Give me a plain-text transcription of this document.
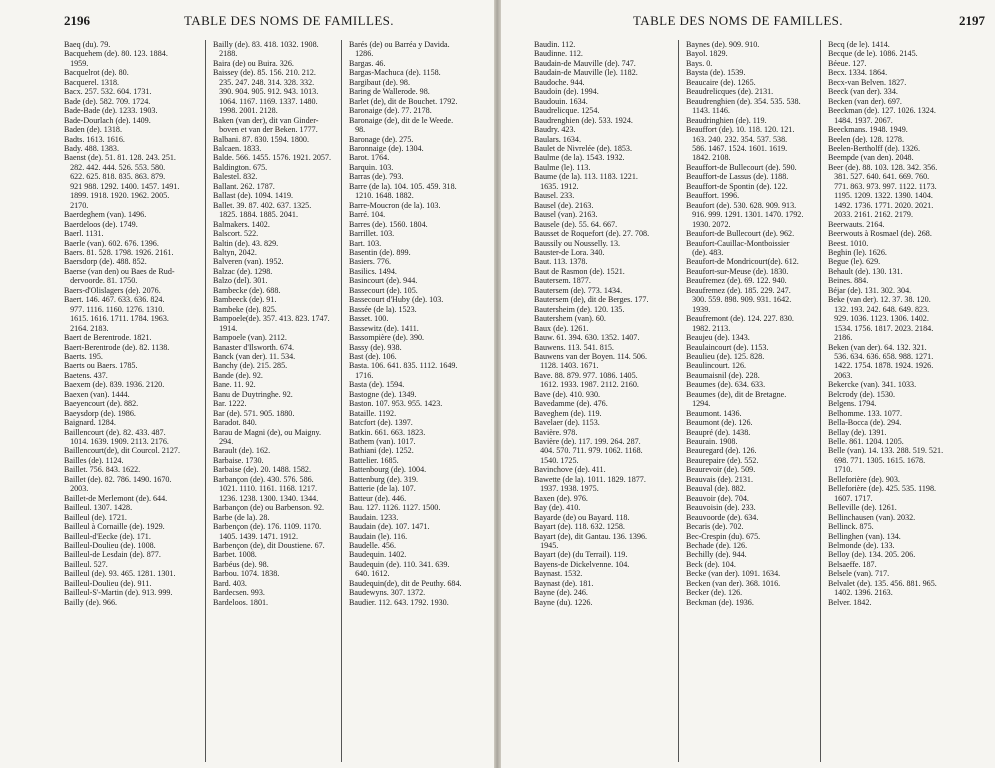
2196	TABLE DES NOMS DE FAMILLES.
Baeq (du). 79.
Bacquehem (de). 80. 123. 1884.
1959.
Bacquelrot (de). 80.
Bacquerel. 1318.
Bacx. 257. 532. 604. 1731.
Bade (de). 582. 709. 1724.
Bade-Bade (de). 1233. 1903.
Bade-Dourlach (de). 1409.
Baden (de). 1318.
Badts. 1613. 1616.
Bady. 488. 1383.
Baenst (de). 51. 81. 128. 243. 251.
282. 442. 444. 526. 553. 580.
622. 625. 818. 835. 863. 879.
921 988. 1292. 1400. 1457. 1491.
1899. 1918. 1920. 1962. 2005.
2170.
Baerdeghem (van). 1496.
Baerdeloos (de). 1749.
Baerl. 1131.
Baerle (van). 602. 676. 1396.
Baers. 81. 528. 1798. 1926. 2161.
Baersdorp (de). 488. 852.
Baerse (van den) ou Baes de Rud-
dervoorde. 81. 1750.
Baers-d'Olislagers (de). 2076.
Baert. 146. 467. 633. 636. 824.
977. 1116. 1160. 1276. 1310.
1615. 1616. 1711. 1784. 1963.
2164. 2183.
Baert de Berentrode. 1821.
Baert-Berentrode (de). 82. 1138.
Baerts. 195.
Baerts ou Baers. 1785.
Baetens. 437.
Baexem (de). 839. 1936. 2120.
Baexen (van). 1444.
Baeyencourt (de). 882.
Baeysdorp (de). 1986.
Baignard. 1284.
Baillencourt (de). 82. 433. 487.
1014. 1639. 1909. 2113. 2176.
Baillencourt(de), dit Courcol. 2127.
Bailles (de). 1124.
Baillet. 756. 843. 1622.
Baillet (de). 82. 786. 1490. 1670.
2003.
Baillet-de Merlemont (de). 644.
Bailleul. 1307. 1428.
Bailleul (de). 1721.
Bailleul à Cornaille (de). 1929.
Bailleul-d'Eecke (de). 171.
Bailleul-Doulieu (de). 1008.
Bailleul-de Lesdain (de). 877.
Bailleul. 527.
Bailleul (de). 93. 465. 1281. 1301.
Bailleul-Doulieu (de). 911.
Bailleul-S'-Martin (de). 913. 999.
Bailly (de). 966.
Bailly (de). 83. 418. 1032. 1908.
2188.
Baira (de) ou Buira. 326.
Baissey (de). 85. 156. 210. 212.
235. 247. 248. 314. 328. 332.
390. 904. 905. 912. 943. 1013.
1064. 1167. 1169. 1337. 1480.
1998. 2001. 2128.
Baken (van der), dit van Ginder-
boven et van der Beken. 1777.
Balbani. 87. 830. 1594. 1800.
Balcaen. 1833.
Balde. 566. 1455. 1576. 1921. 2057.
Baldington. 675.
Balestel. 832.
Ballant. 262. 1787.
Ballast (de). 1094. 1419.
Ballet. 39. 87. 402. 637. 1325.
1825. 1884. 1885. 2041.
Balmakers. 1402.
Balscort. 522.
Baltin (de). 43. 829.
Baltyn, 2042.
Balveren (van). 1952.
Balzac (de). 1298.
Balzo (del). 301.
Bambecke (de). 688.
Bambeeck (de). 91.
Bambeke (de). 825.
Bampoele(de). 357. 413. 823. 1747.
1914.
Bampoele (van). 2112.
Banaster d'Ilsworth. 674.
Banck (van der). 11. 534.
Banchy (de). 215. 285.
Bande (de). 92.
Bane. 11. 92.
Banu de Duytringhe. 92.
Bar. 1222.
Bar (de). 571. 905. 1880.
Baradot. 840.
Barau de Magni (de), ou Maigny.
294.
Barault (de). 162.
Barbaise. 1730.
Barbaise (de). 20. 1488. 1582.
Barbançon (de). 430. 576. 586.
1021. 1110. 1161. 1168. 1217.
1236. 1238. 1300. 1340. 1344.
Barbançon (de) ou Barbenson. 92.
Barbe (de la). 28.
Barbençon (de). 176. 1109. 1170.
1405. 1439. 1471. 1912.
Barbençon (de), dit Doustiene. 67.
Barbet. 1008.
Barbéus (de). 98.
Barbou. 1074. 1838.
Bard. 403.
Bardecsen. 993.
Bardeloos. 1801.
Barés (de) ou Barréa y Davida.
1286.
Bargas. 46.
Bargas-Machuca (de). 1158.
Bargibaut (de). 98.
Baring de Wallerode. 98.
Barlet (de), dit de Bouchet. 1792.
Baronaige (de). 77. 2178.
Baronaige (de), dit de le Weede.
98.
Baronage (de). 275.
Baronnaige (de). 1304.
Barot. 1764.
Barquin. 103.
Barras (de). 793.
Barre (de la). 104. 105. 459. 318.
1210. 1648. 1882.
Barre-Moucron (de la). 103.
Barré. 104.
Barres (de). 1560. 1804.
Barrillet. 103.
Bart. 103.
Basentin (de). 899.
Basiers. 776.
Basilics. 1494.
Basincourt (de). 944.
Bassecourt (de). 105.
Bassecourt d'Huby (de). 103.
Bassée (de la). 1523.
Basset. 100.
Bassewitz (de). 1411.
Bassompière (de). 390.
Bassy (de). 938.
Bast (de). 106.
Basta. 106. 641. 835. 1112. 1649.
1716.
Basta (de). 1594.
Bastogne (de). 1349.
Baston. 107. 953. 955. 1423.
Bataille. 1192.
Batcfort (de). 1397.
Batkin. 661. 663. 1823.
Bathem (van). 1017.
Bathiani (de). 1252.
Battelier. 1685.
Battenbourg (de). 1004.
Battenburg (de). 319.
Batterie (de la). 107.
Batteur (de). 446.
Bau. 127. 1126. 1127. 1500.
Baudain. 1233.
Baudain (de). 107. 1471.
Baudain (le). 116.
Baudelle. 456.
Baudequin. 1402.
Baudequin (de). 110. 341. 639.
640. 1612.
Baudequin(de), dit de Peuthy. 684.
Baudewyns. 307. 1372.
Baudier. 112. 643. 1792. 1930.
TABLE DES NOMS DE FAMILLES.	2197
Baudin. 112.
Baudinne. 112.
Baudain-de Mauville (de). 747.
Baudain-de Mauville (le). 1182.
Baudoche. 944.
Baudoin (de). 1994.
Baudouin. 1634.
Baudrelicque. 1254.
Baudrenghien (de). 533. 1924.
Baudry. 423.
Baulars. 1634.
Baulet de Nivrelée (de). 1853.
Baulme (de la). 1543. 1932.
Baulme (le). 113.
Baume (de la). 113. 1183. 1221.
1635. 1912.
Bausel. 233.
Bausel (de). 2163.
Bausel (van). 2163.
Bausele (de). 55. 64. 667.
Bausset de Roquefort (de). 27. 708.
Baussily ou Nousselly. 13.
Bauster-de Lora. 340.
Baut. 113. 1378.
Baut de Rasmon (de). 1521.
Bautersem. 1877.
Bautersem (de). 773. 1434.
Bautersem (de), dit de Berges. 177.
Bautersheim (de). 120. 135.
Bautershem (van). 60.
Baux (de). 1261.
Bauw. 61. 394. 630. 1352. 1407.
Bauwens. 113. 541. 815.
Bauwens van der Boyen. 114. 506.
1128. 1403. 1671.
Bave. 88. 879. 977. 1086. 1405.
1612. 1933. 1987. 2112. 2160.
Bave (de). 410. 930.
Bavedamme (de). 476.
Baveghem (de). 119.
Bavelaer (de). 1153.
Bavière. 978.
Bavière (de). 117. 199. 264. 287.
404. 570. 711. 979. 1062. 1168.
1540. 1725.
Bavinchove (de). 411.
Bawette (de la). 1011. 1829. 1877.
1937. 1938. 1975.
Baxen (de). 976.
Bay (de). 410.
Bayarde (de) ou Bayard. 118.
Bayart (de). 118. 632. 1258.
Bayart (de), dit Gantau. 136. 1396.
1945.
Bayart (de) (du Terrail). 119.
Bayens-de Dickelvenne. 104.
Baynast. 1532.
Baynast (de). 181.
Bayne (de). 246.
Bayne (du). 1226.
Baynes (de). 909. 910.
Bayol. 1829.
Bays. 0.
Baysta (de). 1539.
Beaucaire (de). 1265.
Beaudrelicques (de). 2131.
Beaudrenghien (de). 354. 535. 538.
1143. 1146.
Beaudringhien (de). 119.
Beauffort (de). 10. 118. 120. 121.
163. 240. 232. 354. 537. 538.
586. 1467. 1524. 1601. 1619.
1842. 2108.
Beauffort-de Bullecourt (de). 590.
Beauffort-de Lassus (de). 1188.
Beauffort-de Spontin (de). 122.
Beauffort. 1996.
Beaufort (de). 530. 628. 909. 913.
916. 999. 1291. 1301. 1470. 1792.
1930. 2072.
Beaufort-de Bullecourt (de). 962.
Beaufort-Cauillac-Montboissier
(de). 483.
Beaufort-de Mondricourt(de). 612.
Beaufort-sur-Meuse (de). 1830.
Beaufremez (de). 69. 122. 940.
Beaufremez (de). 185. 229. 247.
300. 559. 898. 909. 931. 1642.
1939.
Beaufremont (de). 124. 227. 830.
1982. 2113.
Beaujeu (de). 1343.
Beaulaincourt (de). 1153.
Beaulieu (de). 125. 828.
Beaulincourt. 126.
Beaumaisnil (de). 228.
Beaumes (de). 634. 633.
Beaumes (de), dit de Bretagne.
1294.
Beaumont. 1436.
Beaumont (de). 126.
Beaupré (de). 1438.
Beaurain. 1908.
Beauregard (de). 126.
Beaurepaire (de). 552.
Beaurevoir (de). 509.
Beauvais (de). 2131.
Beauval (de). 882.
Beauvoir (de). 704.
Beauvoisin (de). 233.
Beauvoorde (de). 634.
Becaris (de). 702.
Bec-Crespin (du). 675.
Bechade (de). 126.
Bechilly (de). 944.
Beck (de). 104.
Becke (van der). 1091. 1634.
Becken (van der). 368. 1016.
Becker (de). 126.
Beckman (de). 1936.
Becq (de le). 1414.
Becque (de le). 1086. 2145.
Béeue. 127.
Becx. 1334. 1864.
Becx-van Belven. 1827.
Beeck (van der). 334.
Becken (van der). 697.
Beeckman (de). 127. 1026. 1324.
1484. 1937. 2067.
Beeckmans. 1948. 1949.
Beelen (de). 128. 1278.
Beelen-Bertholff (de). 1326.
Beempde (van den). 2048.
Beer (de). 88. 103. 128. 342. 356.
381. 527. 640. 641. 669. 760.
771. 863. 973. 997. 1122. 1173.
1195. 1209. 1322. 1390. 1404.
1492. 1736. 1771. 2020. 2021.
2033. 2161. 2162. 2179.
Beerwauts. 2164.
Beerwouts à Rosmael (de). 268.
Beest. 1010.
Beghin (le). 1626.
Begue (le). 629.
Behault (de). 130. 131.
Beines. 884.
Béjar (de). 131. 302. 304.
Beke (van der). 12. 37. 38. 120.
132. 193. 242. 648. 649. 823.
929. 1036. 1123. 1306. 1402.
1534. 1756. 1817. 2023. 2184.
2186.
Beken (van der). 64. 132. 321.
536. 634. 636. 658. 988. 1271.
1422. 1754. 1878. 1924. 1926.
2063.
Bekercke (van). 341. 1033.
Belcrody (de). 1530.
Belgens. 1794.
Belhomme. 133. 1077.
Bella-Bocca (de). 294.
Bellay (de). 1391.
Belle. 861. 1204. 1205.
Belle (van). 14. 133. 288. 519. 521.
698. 771. 1305. 1615. 1678.
1710.
Belleforière (de). 903.
Belleforière (de). 425. 535. 1198.
1607. 1717.
Belleville (de). 1261.
Bellinchausen (van). 2032.
Bellinck. 875.
Bellinghen (van). 134.
Belmonde (de). 133.
Belloy (de). 134. 205. 206.
Belsaeffe. 187.
Belsele (van). 717.
Belvalet (de). 135. 456. 881. 965.
1402. 1396. 2163.
Belver. 1842.
